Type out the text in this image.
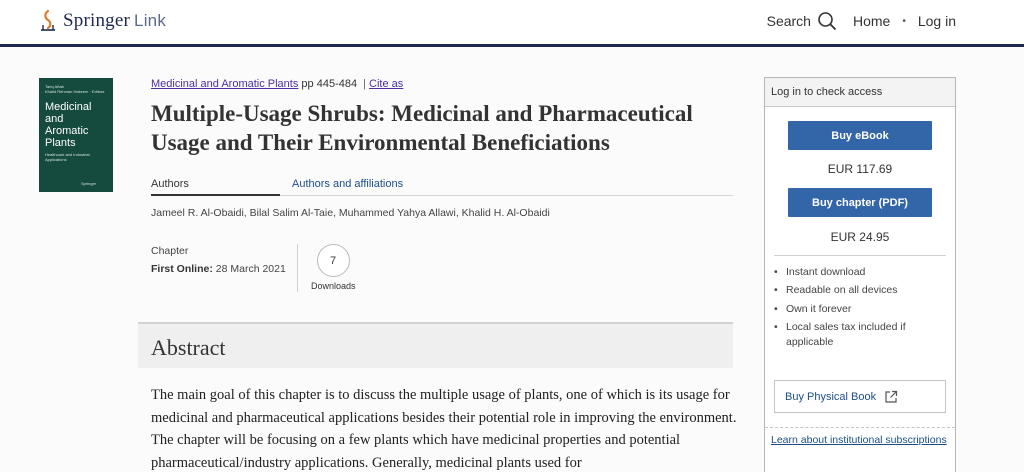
Springer Link	Search	Home • Log in
Tariq Aftab
Khalid Rehman Hakeem · Editors
Medicinal and Aromatic Plants
Healthcare and Industrial Applications
Springer
Medicinal and Aromatic Plants pp 445-484 | Cite as
Multiple-Usage Shrubs: Medicinal and Pharmaceutical Usage and Their Environmental Beneficiations
Authors	Authors and affiliations
Jameel R. Al-Obaidi, Bilal Salim Al-Taie, Muhammed Yahya Allawi, Khalid H. Al-Obaidi
Chapter
First Online: 28 March 2021
7
Downloads
Abstract

The main goal of this chapter is to discuss the multiple usage of plants, one of which is its usage for medicinal and pharmaceutical applications besides their potential role in improving the environment. The chapter will be focusing on a few plants which have medicinal properties and potential pharmaceutical/industry applications. Generally, medicinal plants used for

Log in to check access
Buy eBook
EUR 117.69
Buy chapter (PDF)
EUR 24.95
• Instant download
• Readable on all devices
• Own it forever
• Local sales tax included if applicable
Buy Physical Book
Learn about institutional subscriptions
